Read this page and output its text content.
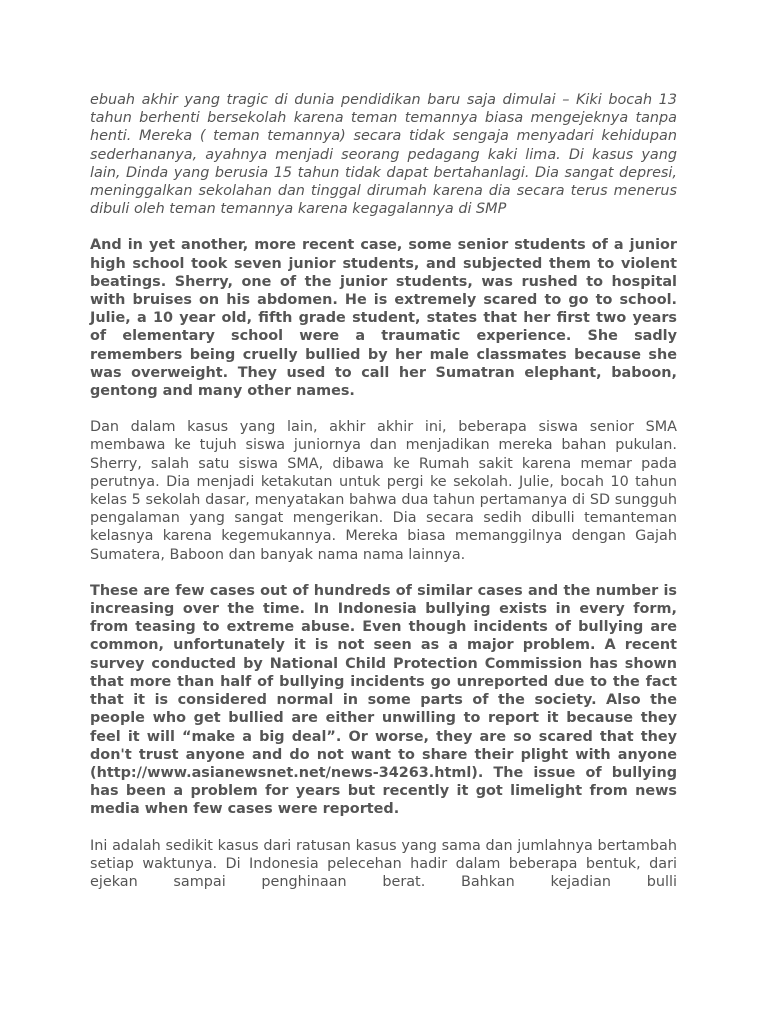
ebuah akhir yang tragic di dunia pendidikan baru saja dimulai – Kiki bocah 13 tahun berhenti bersekolah karena teman temannya biasa mengejeknya tanpa henti. Mereka ( teman temannya) secara tidak sengaja menyadari kehidupan sederhananya, ayahnya menjadi seorang pedagang kaki lima. Di kasus yang lain, Dinda yang berusia 15 tahun tidak dapat bertahanlagi. Dia sangat depresi, meninggalkan sekolahan dan tinggal dirumah karena dia secara terus menerus dibuli oleh teman temannya karena kegagalannya di SMP

And in yet another, more recent case, some senior students of a junior high school took seven junior students, and subjected them to violent beatings. Sherry, one of the junior students, was rushed to hospital with bruises on his abdomen. He is extremely scared to go to school. Julie, a 10 year old, fifth grade student, states that her first two years of elementary school were a traumatic experience. She sadly remembers being cruelly bullied by her male classmates because she was overweight. They used to call her Sumatran elephant, baboon, gentong and many other names.

Dan dalam kasus yang lain, akhir akhir ini, beberapa siswa senior SMA membawa ke tujuh siswa juniornya dan menjadikan mereka bahan pukulan. Sherry, salah satu siswa SMA, dibawa ke Rumah sakit karena memar pada perutnya. Dia menjadi ketakutan untuk pergi ke sekolah. Julie, bocah 10 tahun kelas 5 sekolah dasar, menyatakan bahwa dua tahun pertamanya di SD sungguh pengalaman yang sangat mengerikan. Dia secara sedih dibulli temanteman kelasnya karena kegemukannya. Mereka biasa memanggilnya dengan Gajah Sumatera, Baboon dan banyak nama nama lainnya.

These are few cases out of hundreds of similar cases and the number is increasing over the time. In Indonesia bullying exists in every form, from teasing to extreme abuse. Even though incidents of bullying are common, unfortunately it is not seen as a major problem. A recent survey conducted by National Child Protection Commission has shown that more than half of bullying incidents go unreported due to the fact that it is considered normal in some parts of the society. Also the people who get bullied are either unwilling to report it because they feel it will “make a big deal”. Or worse, they are so scared that they don't trust anyone and do not want to share their plight with anyone (http://www.asianewsnet.net/news-34263.html). The issue of bullying has been a problem for years but recently it got limelight from news media when few cases were reported.

Ini adalah sedikit kasus dari ratusan kasus yang sama dan jumlahnya bertambah setiap waktunya. Di Indonesia pelecehan hadir dalam beberapa bentuk, dari ejekan sampai penghinaan berat. Bahkan kejadian bulli
